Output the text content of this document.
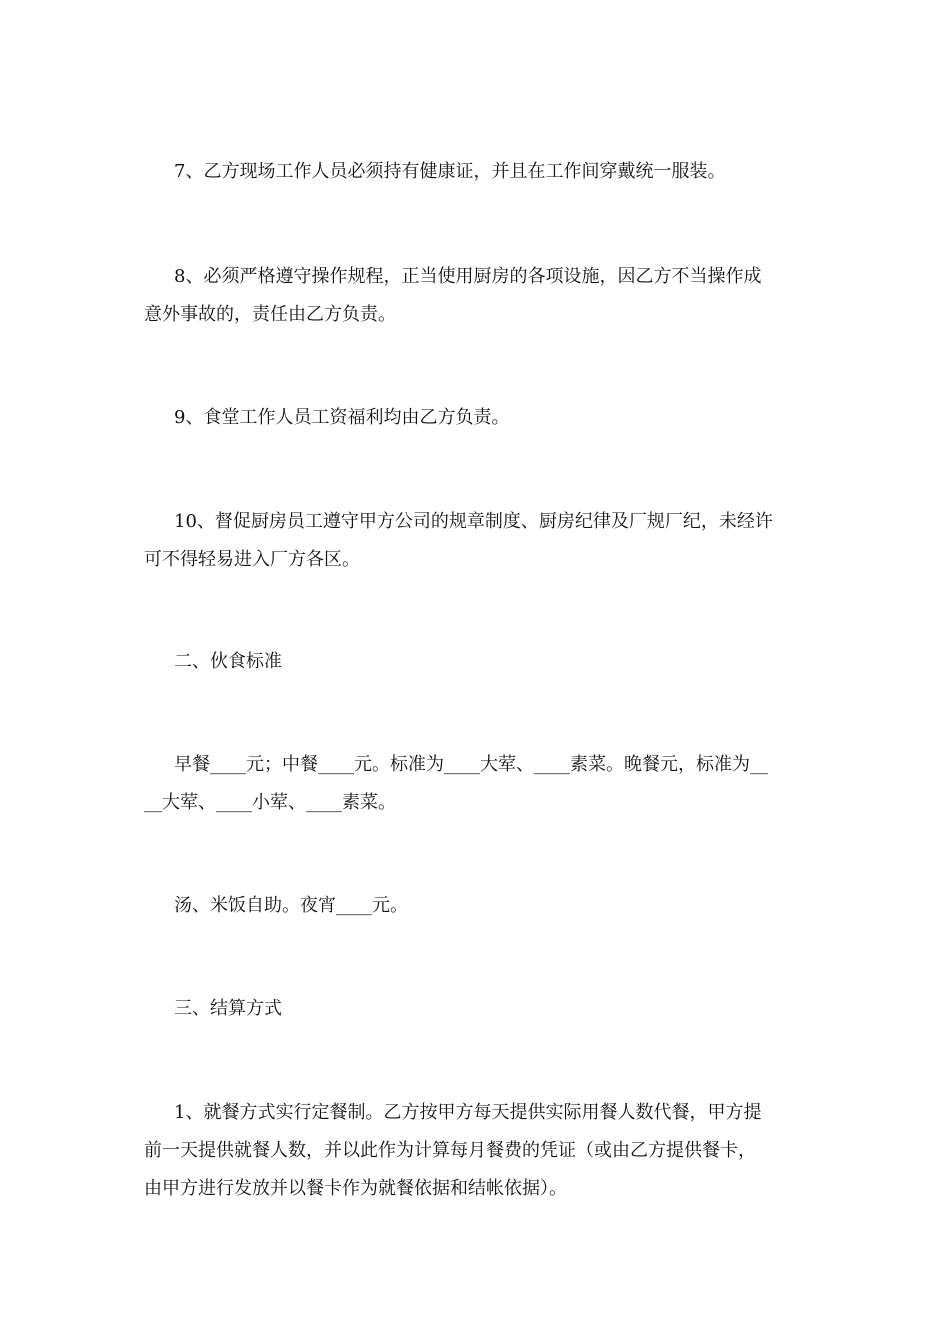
7、乙方现场工作人员必须持有健康证，并且在工作间穿戴统一服装。

8、必须严格遵守操作规程，正当使用厨房的各项设施，因乙方不当操作成
意外事故的，责任由乙方负责。

9、食堂工作人员工资福利均由乙方负责。

10、督促厨房员工遵守甲方公司的规章制度、厨房纪律及厂规厂纪，未经许
可不得轻易进入厂方各区。

二、伙食标准

早餐____元；中餐____元。标准为____大荤、____素菜。晚餐元，标准为__
__大荤、____小荤、____素菜。

汤、米饭自助。夜宵____元。

三、结算方式

1、就餐方式实行定餐制。乙方按甲方每天提供实际用餐人数代餐，甲方提
前一天提供就餐人数，并以此作为计算每月餐费的凭证（或由乙方提供餐卡，
由甲方进行发放并以餐卡作为就餐依据和结帐依据）。
